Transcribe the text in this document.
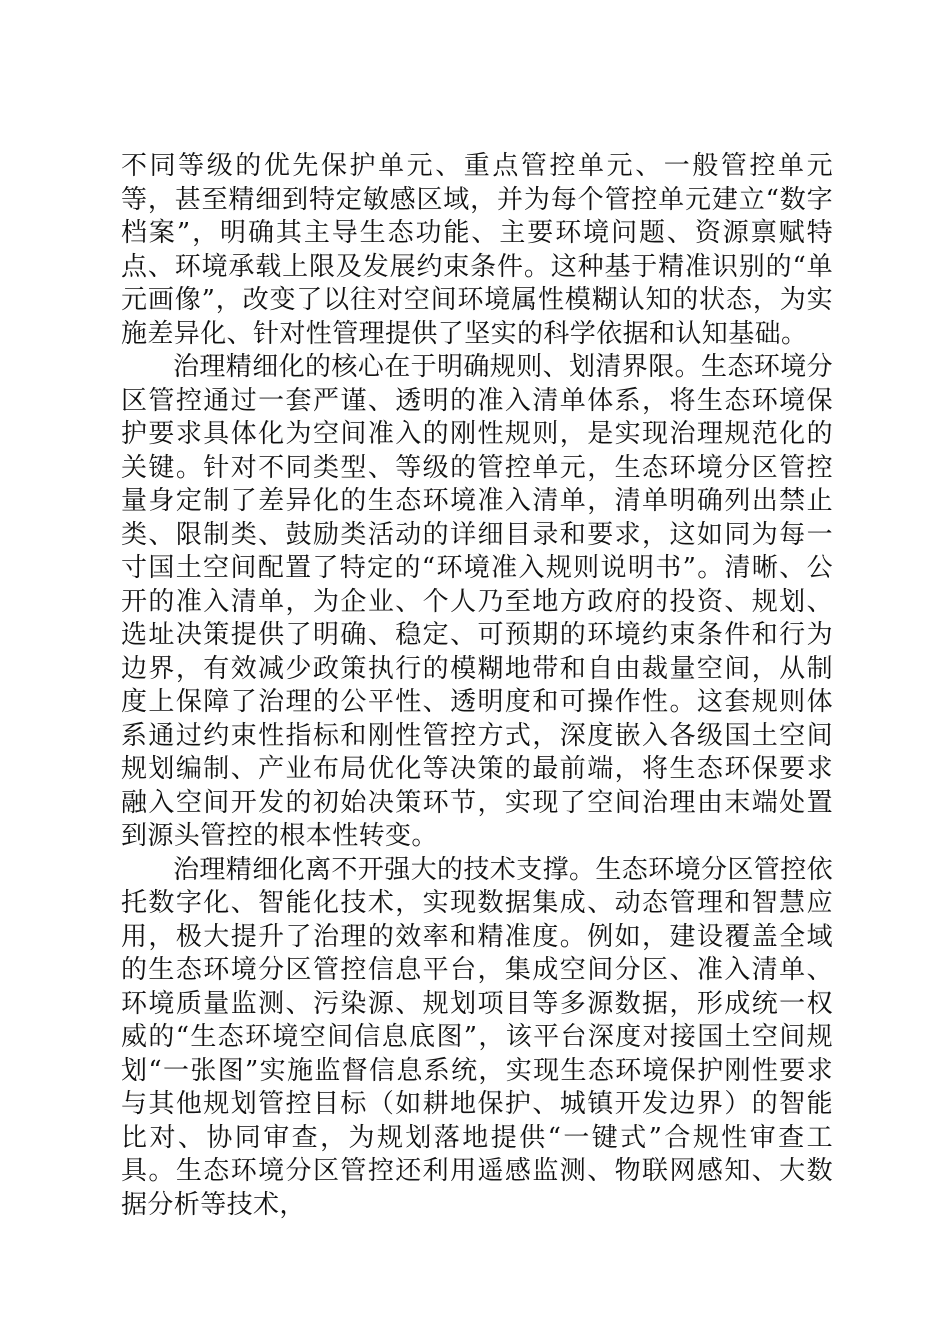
不同等级的优先保护单元、重点管控单元、一般管控单元等，甚至精细到特定敏感区域，并为每个管控单元建立“数字档案”，明确其主导生态功能、主要环境问题、资源禀赋特点、环境承载上限及发展约束条件。这种基于精准识别的“单元画像”，改变了以往对空间环境属性模糊认知的状态，为实施差异化、针对性管理提供了坚实的科学依据和认知基础。

治理精细化的核心在于明确规则、划清界限。生态环境分区管控通过一套严谨、透明的准入清单体系，将生态环境保护要求具体化为空间准入的刚性规则，是实现治理规范化的关键。针对不同类型、等级的管控单元，生态环境分区管控量身定制了差异化的生态环境准入清单，清单明确列出禁止类、限制类、鼓励类活动的详细目录和要求，这如同为每一寸国土空间配置了特定的“环境准入规则说明书”。清晰、公开的准入清单，为企业、个人乃至地方政府的投资、规划、选址决策提供了明确、稳定、可预期的环境约束条件和行为边界，有效减少政策执行的模糊地带和自由裁量空间，从制度上保障了治理的公平性、透明度和可操作性。这套规则体系通过约束性指标和刚性管控方式，深度嵌入各级国土空间规划编制、产业布局优化等决策的最前端，将生态环保要求融入空间开发的初始决策环节，实现了空间治理由末端处置到源头管控的根本性转变。

治理精细化离不开强大的技术支撑。生态环境分区管控依托数字化、智能化技术，实现数据集成、动态管理和智慧应用，极大提升了治理的效率和精准度。例如，建设覆盖全域的生态环境分区管控信息平台，集成空间分区、准入清单、环境质量监测、污染源、规划项目等多源数据，形成统一权威的“生态环境空间信息底图”，该平台深度对接国土空间规划“一张图”实施监督信息系统，实现生态环境保护刚性要求与其他规划管控目标（如耕地保护、城镇开发边界）的智能比对、协同审查，为规划落地提供“一键式”合规性审查工具。生态环境分区管控还利用遥感监测、物联网感知、大数据分析等技术，
